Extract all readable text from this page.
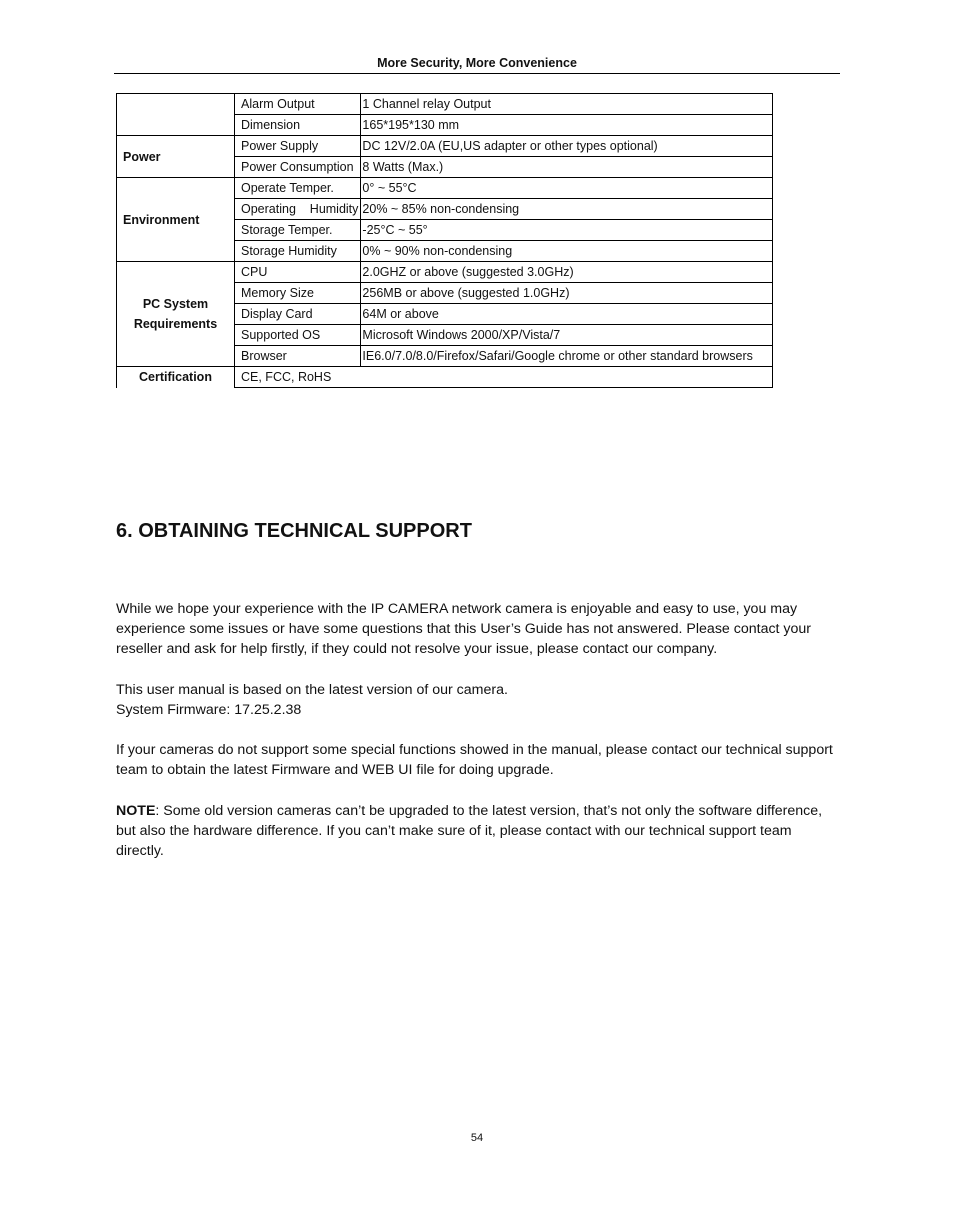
More Security, More Convenience
	Alarm Output	1 Channel relay Output
	Dimension	165*195*130 mm
Power	Power Supply	DC 12V/2.0A (EU,US adapter or other types optional)
	Power Consumption	8 Watts (Max.)
Environment	Operate Temper.	0° ~ 55°C
	Operating    Humidity	20% ~ 85% non-condensing
	Storage Temper.	-25°C ~ 55°
	Storage Humidity	0% ~ 90% non-condensing
PC System Requirements	CPU	2.0GHZ or above (suggested 3.0GHz)
	Memory Size	256MB or above (suggested 1.0GHz)
	Display Card	64M or above
	Supported OS	Microsoft Windows 2000/XP/Vista/7
	Browser	IE6.0/7.0/8.0/Firefox/Safari/Google chrome or other standard browsers
Certification	CE, FCC, RoHS	
6. OBTAINING TECHNICAL SUPPORT

While we hope your experience with the IP CAMERA network camera is enjoyable and easy to use, you may experience some issues or have some questions that this User’s Guide has not answered. Please contact your reseller and ask for help firstly, if they could not resolve your issue, please contact our company.

This user manual is based on the latest version of our camera.
System Firmware: 17.25.2.38

If your cameras do not support some special functions showed in the manual, please contact our technical support team to obtain the latest Firmware and WEB UI file for doing upgrade.

NOTE: Some old version cameras can’t be upgraded to the latest version, that’s not only the software difference, but also the hardware difference. If you can’t make sure of it, please contact with our technical support team directly.

54
